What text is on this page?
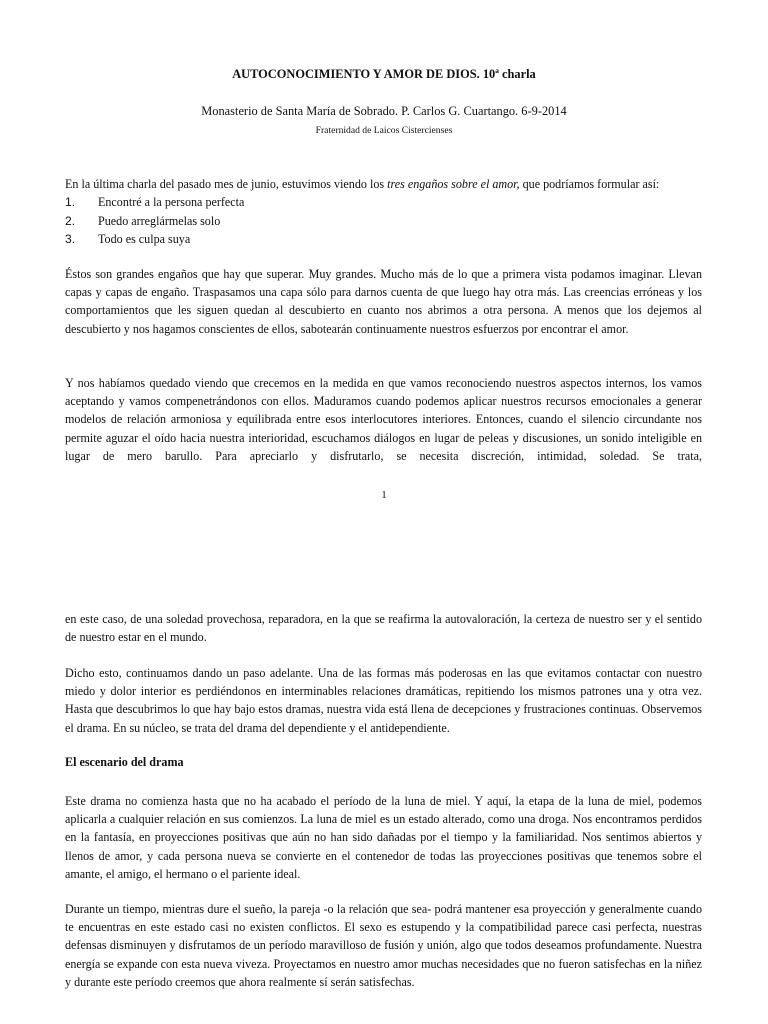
AUTOCONOCIMIENTO Y AMOR DE DIOS. 10ª charla
Monasterio de Santa María de Sobrado. P. Carlos G. Cuartango. 6-9-2014
Fraternidad de Laicos Cistercienses

En la última charla del pasado mes de junio, estuvimos viendo los tres engaños sobre el amor, que podríamos formular así:

1. Encontré a la persona perfecta
2. Puedo arreglármelas solo
3. Todo es culpa suya

Éstos son grandes engaños que hay que superar. Muy grandes. Mucho más de lo que a primera vista podamos imaginar. Llevan capas y capas de engaño. Traspasamos una capa sólo para darnos cuenta de que luego hay otra más. Las creencias erróneas y los comportamientos que les siguen quedan al descubierto en cuanto nos abrimos a otra persona. A menos que los dejemos al descubierto y nos hagamos conscientes de ellos, sabotearán continuamente nuestros esfuerzos por encontrar el amor.

Y nos habíamos quedado viendo que crecemos en la medida en que vamos reconociendo nuestros aspectos internos, los vamos aceptando y vamos compenetrándonos con ellos. Maduramos cuando podemos aplicar nuestros recursos emocionales a generar modelos de relación armoniosa y equilibrada entre esos interlocutores interiores. Entonces, cuando el silencio circundante nos permite aguzar el oído hacia nuestra interioridad, escuchamos diálogos en lugar de peleas y discusiones, un sonido inteligible en lugar de mero barullo. Para apreciarlo y disfrutarlo, se necesita discreción, intimidad, soledad. Se trata,

1

en este caso, de una soledad provechosa, reparadora, en la que se reafirma la autovaloración, la certeza de nuestro ser y el sentido de nuestro estar en el mundo.

Dicho esto, continuamos dando un paso adelante. Una de las formas más poderosas en las que evitamos contactar con nuestro miedo y dolor interior es perdiéndonos en interminables relaciones dramáticas, repitiendo los mismos patrones una y otra vez. Hasta que descubrimos lo que hay bajo estos dramas, nuestra vida está llena de decepciones y frustraciones continuas. Observemos el drama. En su núcleo, se trata del drama del dependiente y el antidependiente.

El escenario del drama

Este drama no comienza hasta que no ha acabado el período de la luna de miel. Y aquí, la etapa de la luna de miel, podemos aplicarla a cualquier relación en sus comienzos. La luna de miel es un estado alterado, como una droga. Nos encontramos perdidos en la fantasía, en proyecciones positivas que aún no han sido dañadas por el tiempo y la familiaridad. Nos sentimos abiertos y llenos de amor, y cada persona nueva se convierte en el contenedor de todas las proyecciones positivas que tenemos sobre el amante, el amigo, el hermano o el pariente ideal.

Durante un tiempo, mientras dure el sueño, la pareja -o la relación que sea- podrá mantener esa proyección y generalmente cuando te encuentras en este estado casi no existen conflictos. El sexo es estupendo y la compatibilidad parece casi perfecta, nuestras defensas disminuyen y disfrutamos de un período maravilloso de fusión y unión, algo que todos deseamos profundamente. Nuestra energía se expande con esta nueva viveza. Proyectamos en nuestro amor muchas necesidades que no fueron satisfechas en la niñez y durante este período creemos que ahora realmente sí serán satisfechas.
